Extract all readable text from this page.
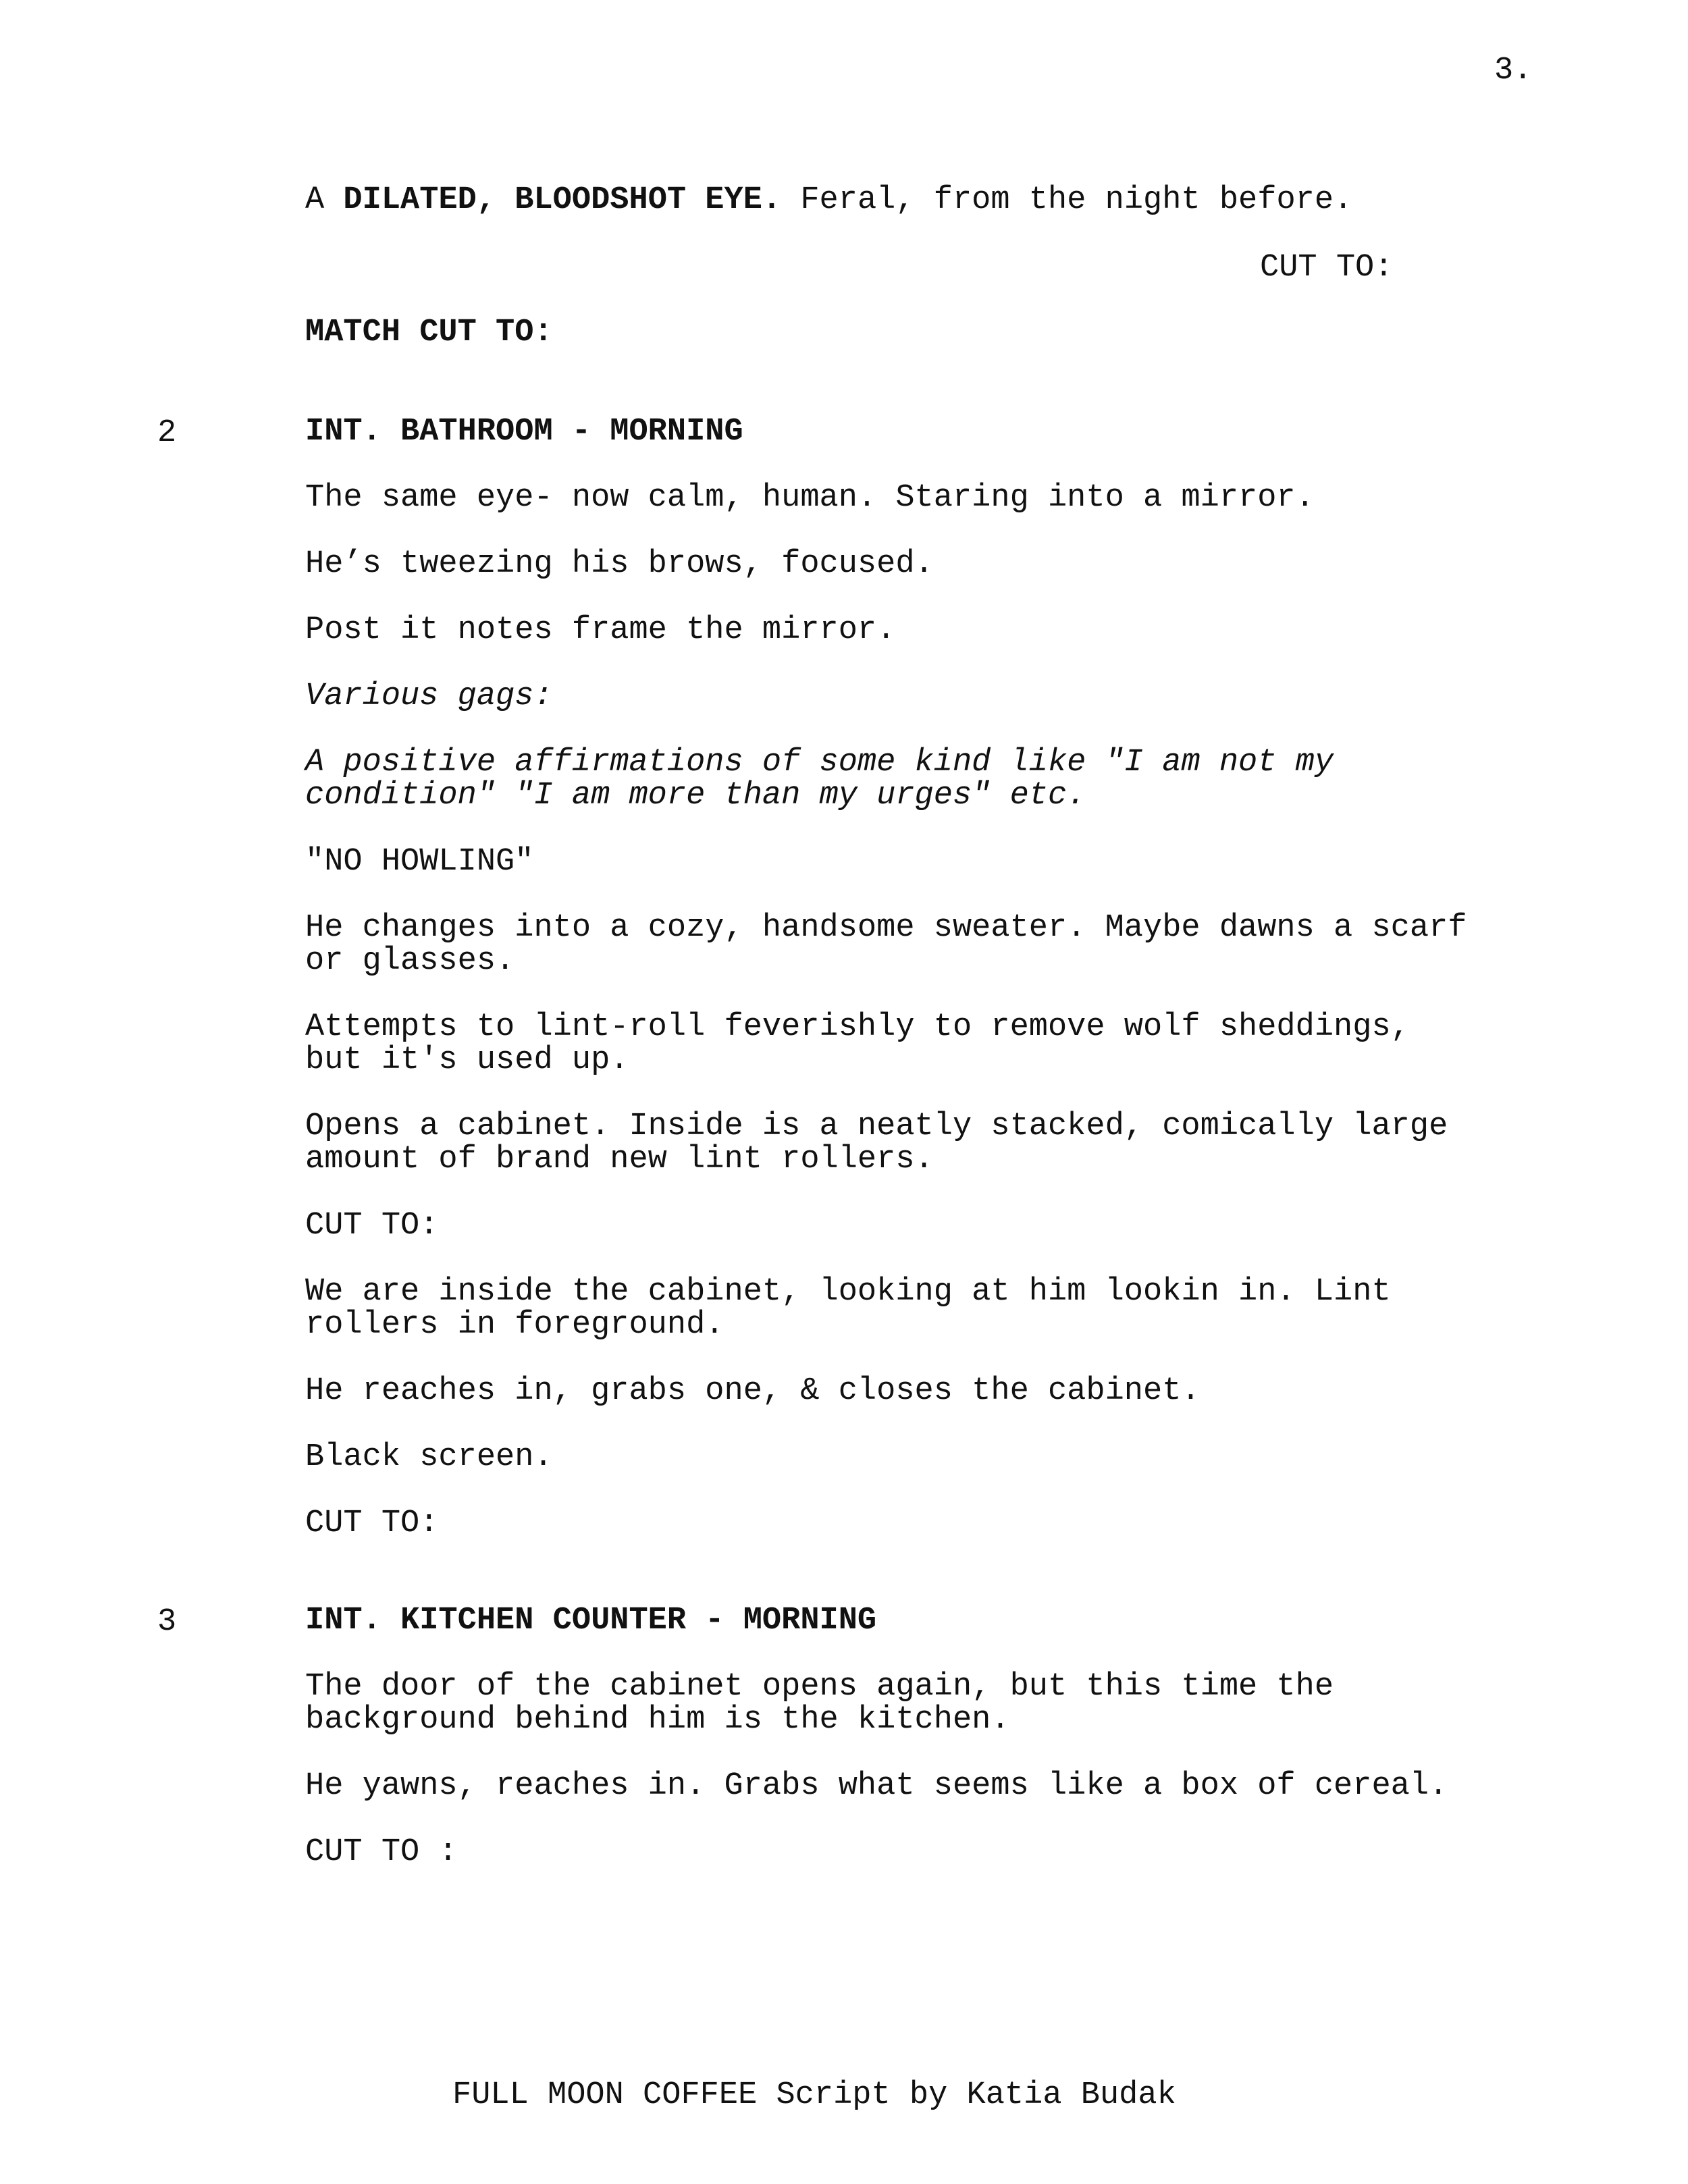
3.
A DILATED, BLOODSHOT EYE. Feral, from the night before.
CUT TO:
MATCH CUT TO:
2	INT. BATHROOM - MORNING
The same eye- now calm, human. Staring into a mirror.
He’s tweezing his brows, focused.
Post it notes frame the mirror.
Various gags:
A positive affirmations of some kind like "I am not my
condition" "I am more than my urges" etc.
"NO HOWLING"
He changes into a cozy, handsome sweater. Maybe dawns a scarf
or glasses.
Attempts to lint-roll feverishly to remove wolf sheddings,
but it's used up.
Opens a cabinet. Inside is a neatly stacked, comically large
amount of brand new lint rollers.
CUT TO:
We are inside the cabinet, looking at him lookin in. Lint
rollers in foreground.
He reaches in, grabs one, & closes the cabinet.
Black screen.
CUT TO:
3	INT. KITCHEN COUNTER - MORNING
The door of the cabinet opens again, but this time the
background behind him is the kitchen.
He yawns, reaches in. Grabs what seems like a box of cereal.
CUT TO :
FULL MOON COFFEE Script by Katia Budak
